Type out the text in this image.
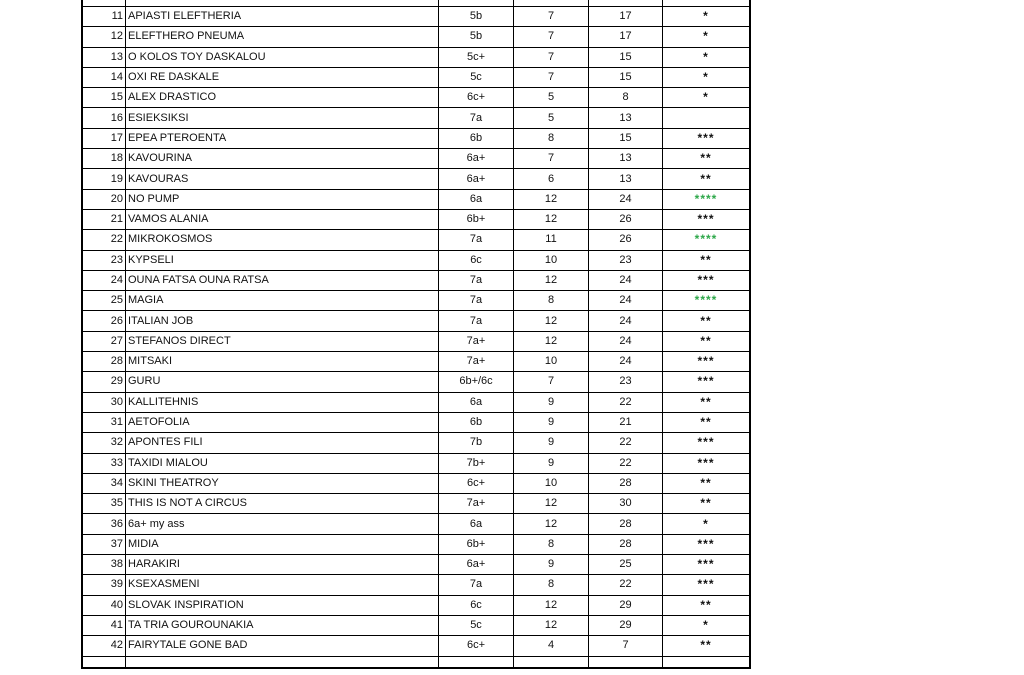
11	APIASTI ELEFTHERIA	5b	7	17	*
12	ELEFTHERO PNEUMA	5b	7	17	*
13	O KOLOS TOY DASKALOU	5c+	7	15	*
14	OXI RE DASKALE	5c	7	15	*
15	ALEX DRASTICO	6c+	5	8	*
16	ESIEKSIKSI	7a	5	13	
17	EPEA PTEROENTA	6b	8	15	***
18	KAVOURINA	6a+	7	13	**
19	KAVOURAS	6a+	6	13	**
20	NO PUMP	6a	12	24	****
21	VAMOS ALANIA	6b+	12	26	***
22	MIKROKOSMOS	7a	11	26	****
23	KYPSELI	6c	10	23	**
24	OUNA FATSA OUNA RATSA	7a	12	24	***
25	MAGIA	7a	8	24	****
26	ITALIAN JOB	7a	12	24	**
27	STEFANOS DIRECT	7a+	12	24	**
28	MITSAKI	7a+	10	24	***
29	GURU	6b+/6c	7	23	***
30	KALLITEHNIS	6a	9	22	**
31	AETOFOLIA	6b	9	21	**
32	APONTES FILI	7b	9	22	***
33	TAXIDI MIALOU	7b+	9	22	***
34	SKINI THEATROY	6c+	10	28	**
35	THIS IS NOT A CIRCUS	7a+	12	30	**
36	6a+ my ass	6a	12	28	*
37	MIDIA	6b+	8	28	***
38	HARAKIRI	6a+	9	25	***
39	KSEXASMENI	7a	8	22	***
40	SLOVAK INSPIRATION	6c	12	29	**
41	TA TRIA GOUROUNAKIA	5c	12	29	*
42	FAIRYTALE GONE BAD	6c+	4	7	**
